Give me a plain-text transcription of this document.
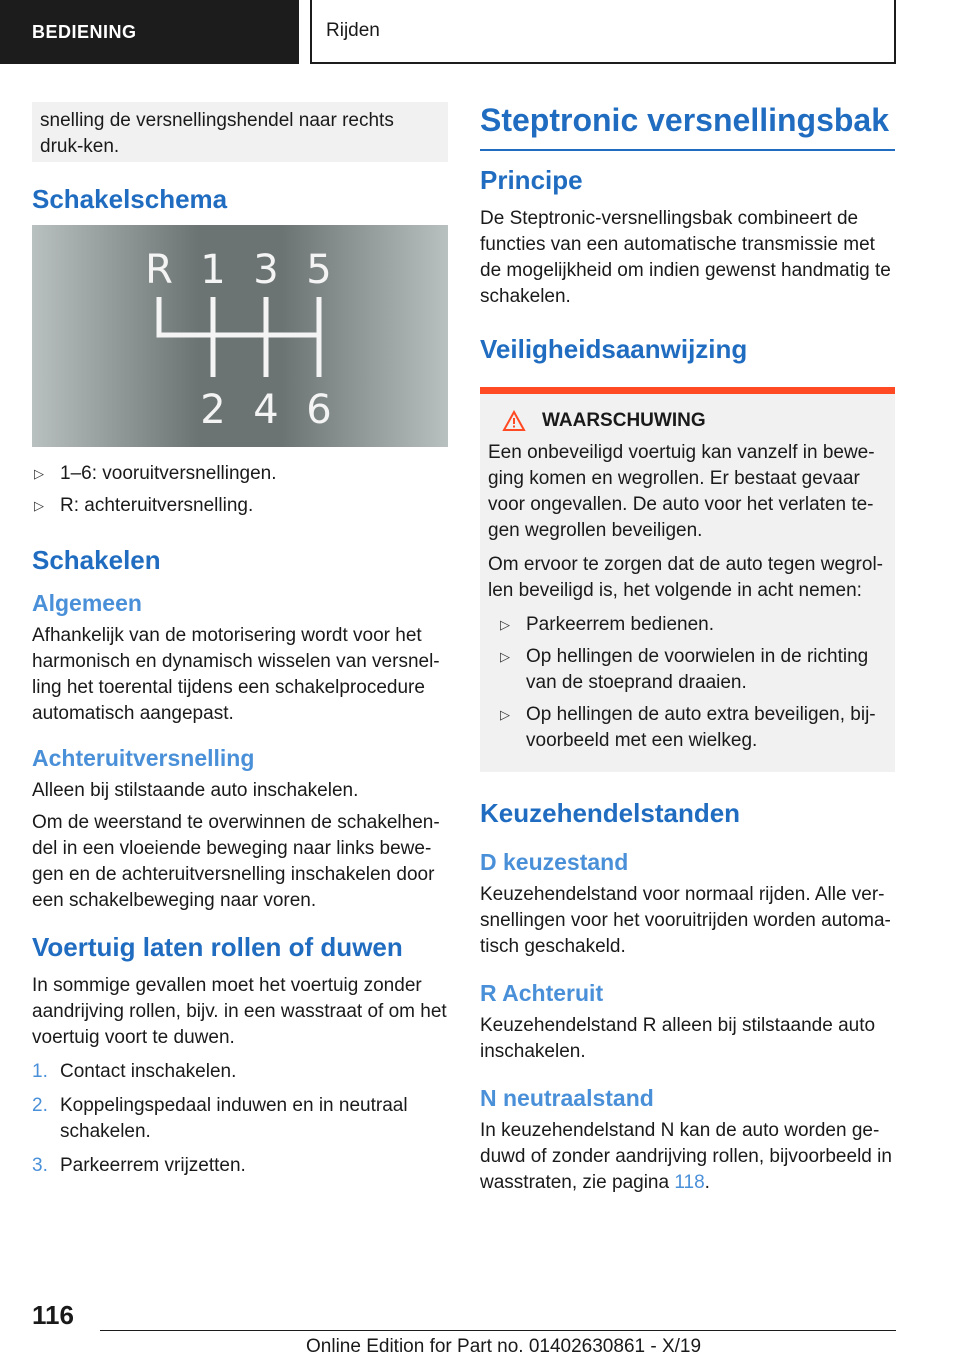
BEDIENING	Rijden
snelling de versnellingshendel naar rechts druk-ken.
Schakelschema
R 1 3 5
2 4 6
▷ 1–6: vooruitversnellingen.
▷ R: achteruitversnelling.
Schakelen
Algemeen

Afhankelijk van de motorisering wordt voor het harmonisch en dynamisch wisselen van versnel-ling het toerental tijdens een schakelprocedure automatisch aangepast.

Achteruitversnelling

Alleen bij stilstaande auto inschakelen.

Om de weerstand te overwinnen de schakelhen-del in een vloeiende beweging naar links bewe-gen en de achteruitversnelling inschakelen door een schakelbeweging naar voren.

Voertuig laten rollen of duwen

In sommige gevallen moet het voertuig zonder aandrijving rollen, bijv. in een wasstraat of om het voertuig voort te duwen.

1. Contact inschakelen.
2. Koppelingspedaal induwen en in neutraal schakelen.
3. Parkeerrem vrijzetten.
Steptronic versnellingsbak
Principe

De Steptronic-versnellingsbak combineert de functies van een automatische transmissie met de mogelijkheid om indien gewenst handmatig te schakelen.

Veiligheidsaanwijzing
WAARSCHUWING

Een onbeveiligd voertuig kan vanzelf in bewe-ging komen en wegrollen. Er bestaat gevaar voor ongevallen. De auto voor het verlaten te-gen wegrollen beveiligen.

Om ervoor te zorgen dat de auto tegen wegrol-len beveiligd is, het volgende in acht nemen:

▷ Parkeerrem bedienen.
▷ Op hellingen de voorwielen in de richting van de stoeprand draaien.
▷ Op hellingen de auto extra beveiligen, bij-voorbeeld met een wielkeg.
Keuzehendelstanden
D keuzestand

Keuzehendelstand voor normaal rijden. Alle ver-snellingen voor het vooruitrijden worden automa-tisch geschakeld.

R Achteruit

Keuzehendelstand R alleen bij stilstaande auto inschakelen.

N neutraalstand

In keuzehendelstand N kan de auto worden ge-duwd of zonder aandrijving rollen, bijvoorbeeld in wasstraten, zie pagina 118.

116
Online Edition for Part no. 01402630861 - X/19
